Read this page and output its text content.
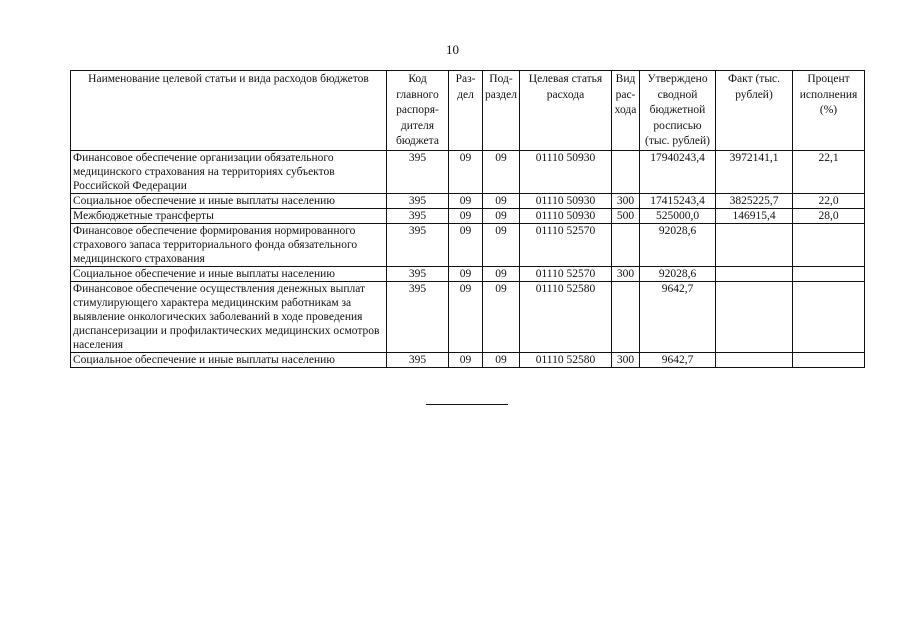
10
Наименование целевой статьи и вида расходов бюджетов	Код главного распоря-дителя бюджета	Раз-дел	Под-раздел	Целевая статья расхода	Вид рас-хода	Утверждено сводной бюджетной росписью (тыс. рублей)	Факт (тыс. рублей)	Процент исполнения (%)
Финансовое обеспечение организации обязательного медицинского страхования на территориях субъектов Российской Федерации	395	09	09	01110 50930		17940243,4	3972141,1	22,1
Социальное обеспечение и иные выплаты населению	395	09	09	01110 50930	300	17415243,4	3825225,7	22,0
Межбюджетные трансферты	395	09	09	01110 50930	500	525000,0	146915,4	28,0
Финансовое обеспечение формирования нормированного страхового запаса территориального фонда обязательного медицинского страхования	395	09	09	01110 52570		92028,6		
Социальное обеспечение и иные выплаты населению	395	09	09	01110 52570	300	92028,6		
Финансовое обеспечение осуществления денежных выплат стимулирующего характера медицинским работникам за выявление онкологических заболеваний в ходе проведения диспансеризации и профилактических медицинских осмотров населения	395	09	09	01110 52580		9642,7		
Социальное обеспечение и иные выплаты населению	395	09	09	01110 52580	300	9642,7		
